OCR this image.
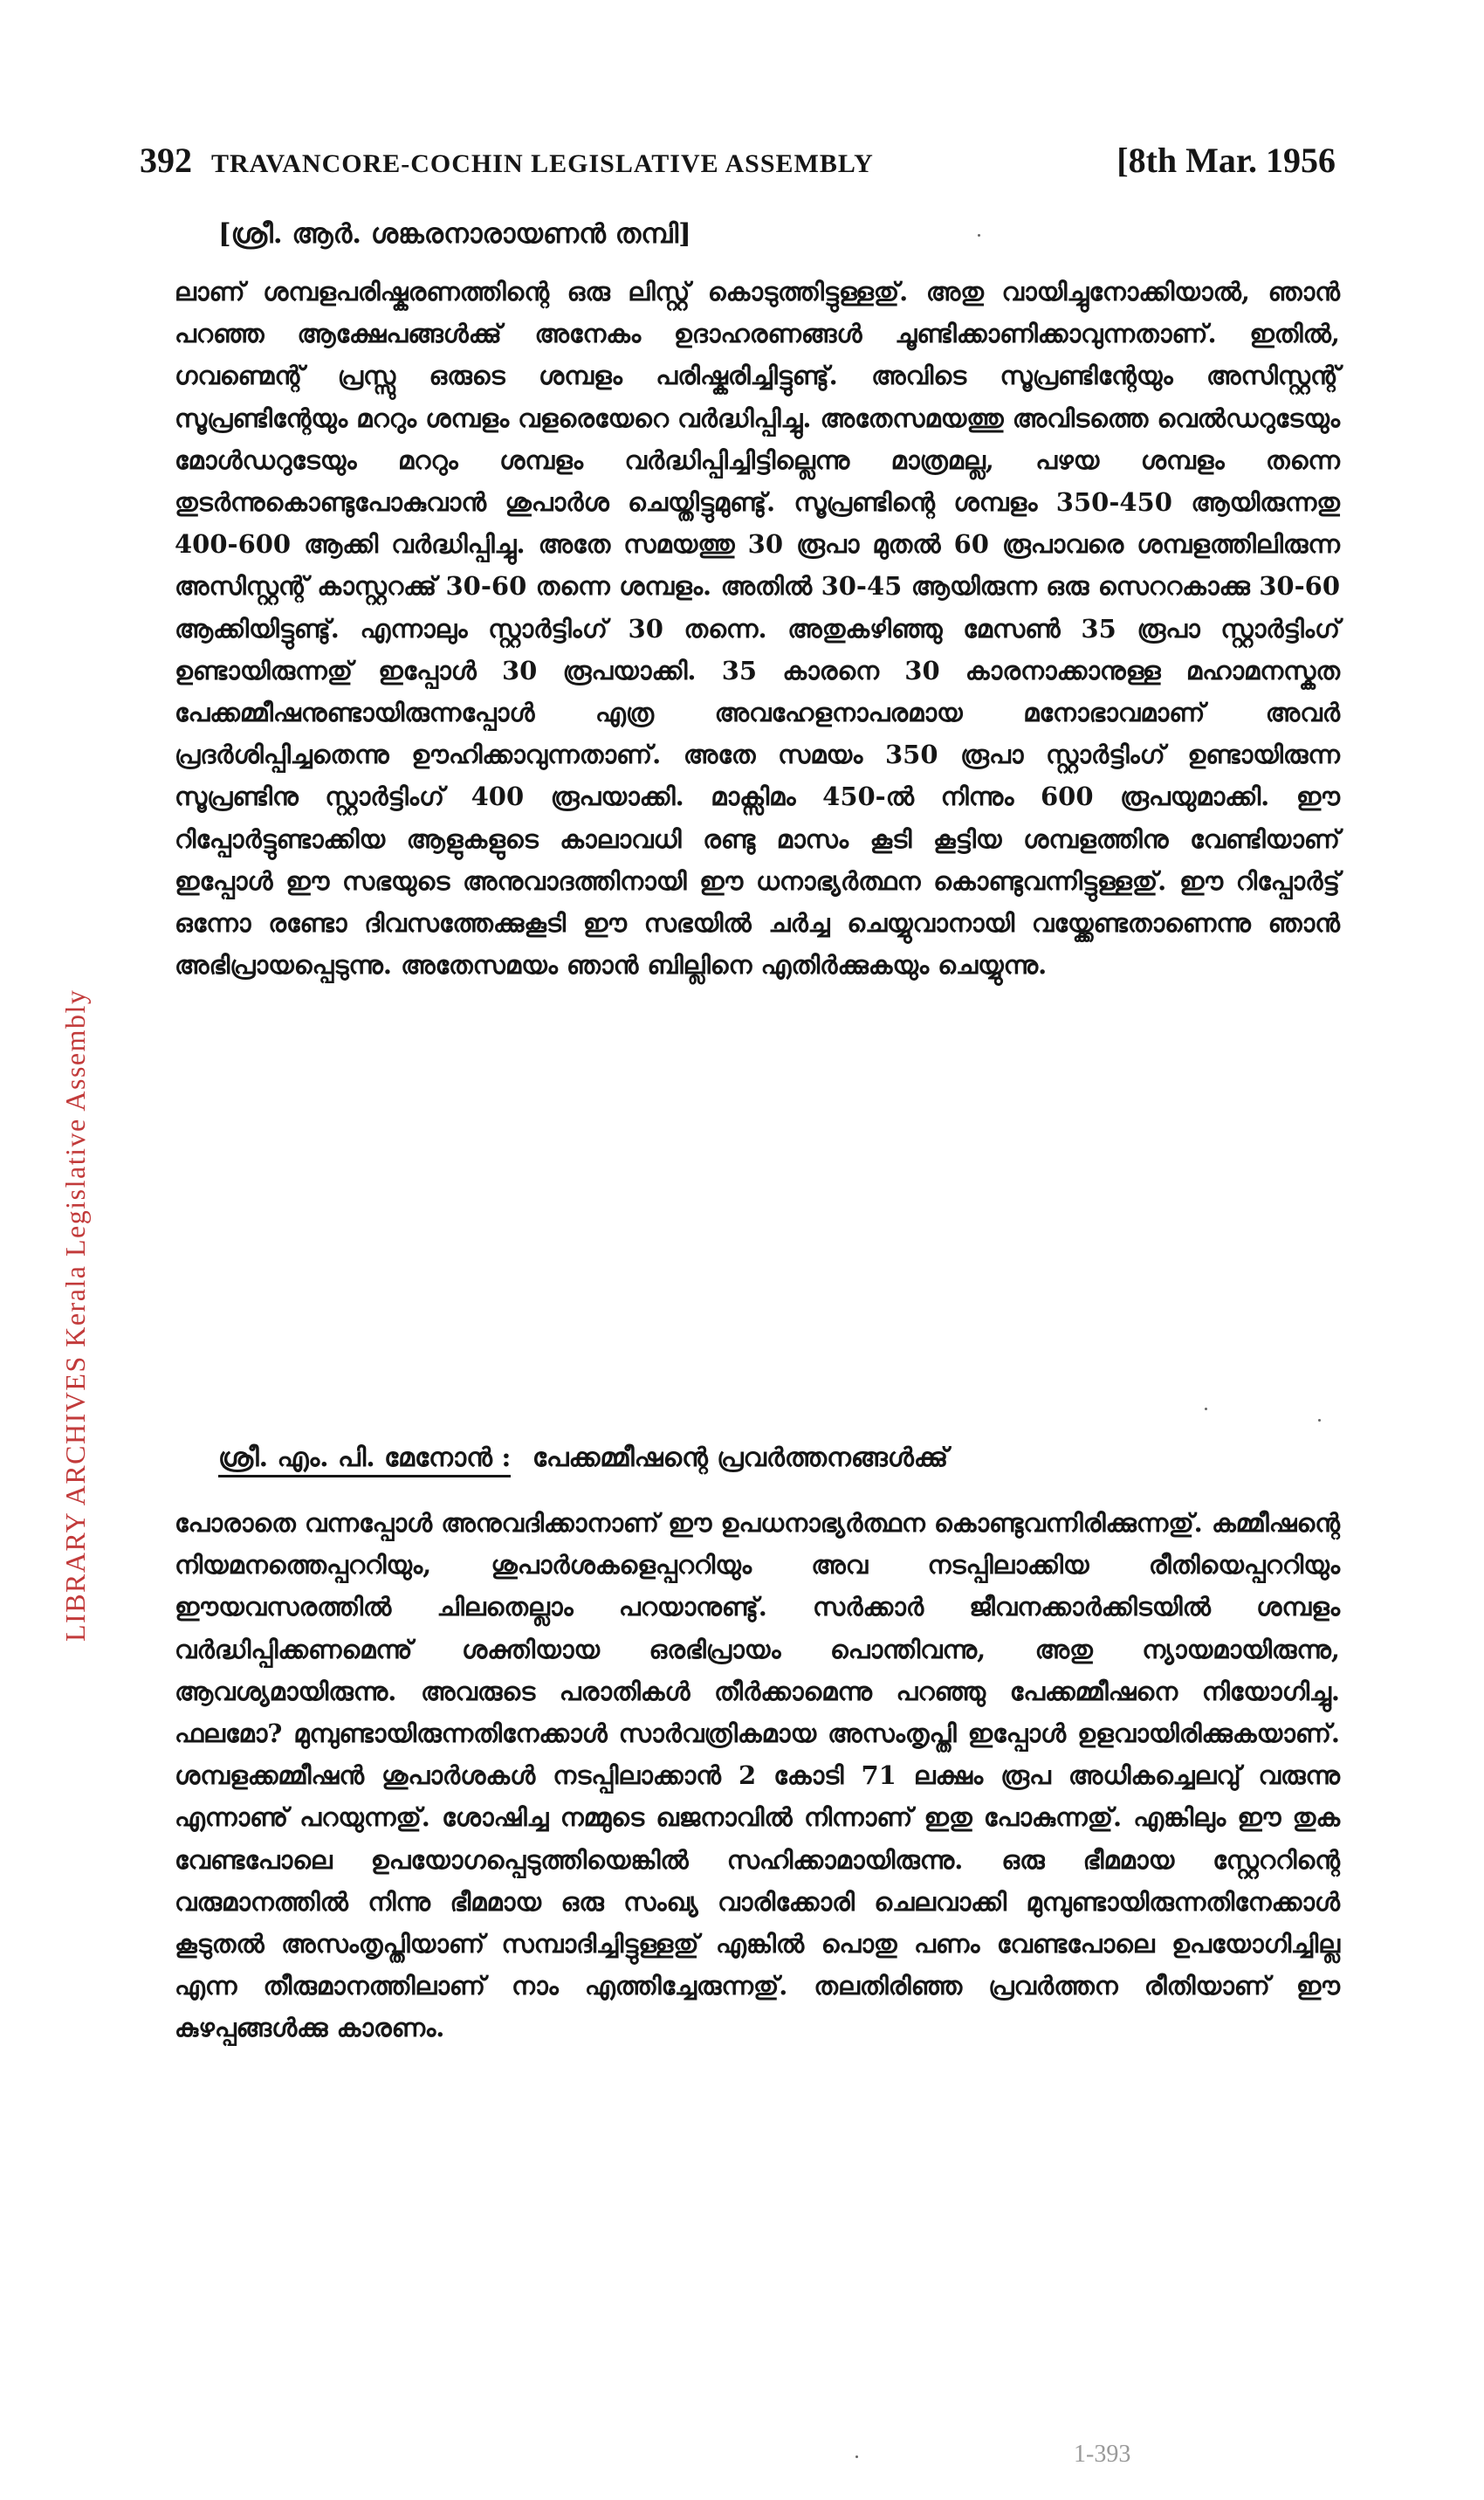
LIBRARY ARCHIVES Kerala Legislative Assembly
392 TRAVANCORE-COCHIN LEGISLATIVE ASSEMBLY	[8th Mar. 1956
[ശ്രീ. ആർ. ശങ്കരനാരായണൻ തമ്പി]
ലാണ് ശമ്പളപരിഷ്കരണത്തിന്റെ ഒരു ലിസ്റ്റ് കൊടുത്തിട്ടുള്ളതു്. അതു വായിച്ചുനോക്കിയാൽ, ഞാൻ പറഞ്ഞ ആക്ഷേപങ്ങൾക്കു് അനേകം ഉദാഹരണങ്ങൾ ചൂണ്ടിക്കാണിക്കാവുന്നതാണ്. ഇതിൽ, ഗവണ്മെന്റ് പ്രസ്സു ഒരുടെ ശമ്പളം പരിഷ്കരിച്ചിട്ടുണ്ടു്. അവിടെ സൂപ്രണ്ടിന്റേയും അസിസ്റ്റന്റ് സൂപ്രണ്ടിന്റേയും മററും ശമ്പളം വളരെയേറെ വർദ്ധിപ്പിച്ചു. അതേസമയത്തു അവിടത്തെ വെൽഡറുടേയും മോൾഡറുടേയും മററും ശമ്പളം വർദ്ധിപ്പിച്ചിട്ടില്ലെന്നു മാത്രമല്ല, പഴയ ശമ്പളം തന്നെ തുടർന്നുകൊണ്ടുപോകുവാൻ ശുപാർശ ചെയ്തിട്ടുമുണ്ടു്. സൂപ്രണ്ടിന്റെ ശമ്പളം 350-450 ആയിരുന്നതു 400-600 ആക്കി വർദ്ധിപ്പിച്ചു. അതേ സമയത്തു 30 രൂപാ മുതൽ 60 രൂപാവരെ ശമ്പളത്തിലിരുന്ന അസിസ്റ്റന്റ് കാസ്റ്ററക്കു് 30-60 തന്നെ ശമ്പളം. അതിൽ 30-45 ആയിരുന്ന ഒരു സെററകാക്കു 30-60 ആക്കിയിട്ടുണ്ടു്. എന്നാലും സ്റ്റാർട്ടിംഗ് 30 തന്നെ. അതുകഴിഞ്ഞു മേസൺ 35 രൂപാ സ്റ്റാർട്ടിംഗ് ഉണ്ടായിരുന്നതു് ഇപ്പോൾ 30 രൂപയാക്കി. 35 കാരനെ 30 കാരനാക്കാനുള്ള മഹാമനസ്കത പേക്കമ്മീഷനുണ്ടായിരുന്നപ്പോൾ എത്ര അവഹേളനാപരമായ മനോഭാവമാണ് അവർ പ്രദർശിപ്പിച്ചതെന്നു ഊഹിക്കാവുന്നതാണ്. അതേ സമയം 350 രൂപാ സ്റ്റാർട്ടിംഗ് ഉണ്ടായിരുന്ന സൂപ്രണ്ടിനു സ്റ്റാർട്ടിംഗ് 400 രൂപയാക്കി. മാക്സിമം 450-ൽ നിന്നും 600 രൂപയുമാക്കി. ഈ റിപ്പോർട്ടുണ്ടാക്കിയ ആളുകളുടെ കാലാവധി രണ്ടു മാസം കൂടി കൂട്ടിയ ശമ്പളത്തിനു വേണ്ടിയാണ് ഇപ്പോൾ ഈ സഭയുടെ അനുവാദത്തിനായി ഈ ധനാഭ്യർത്ഥന കൊണ്ടുവന്നിട്ടുള്ളതു്. ഈ റിപ്പോർട്ട് ഒന്നോ രണ്ടോ ദിവസത്തേക്കുകൂടി ഈ സഭയിൽ ചർച്ച ചെയ്യുവാനായി വയ്ക്കേണ്ടതാണെന്നു ഞാൻ അഭിപ്രായപ്പെടുന്നു. അതേസമയം ഞാൻ ബില്ലിനെ എതിർക്കുകയും ചെയ്യുന്നു.
ശ്രീ. എം. പി. മേനോൻ : പേക്കമ്മീഷന്റെ പ്രവർത്തനങ്ങൾക്കു്
പോരാതെ വന്നപ്പോൾ അനുവദിക്കാനാണ് ഈ ഉപധനാഭ്യർത്ഥന കൊണ്ടുവന്നിരിക്കുന്നതു്. കമ്മീഷന്റെ നിയമനത്തെപ്പററിയും, ശുപാർശകളെപ്പററിയും അവ നടപ്പിലാക്കിയ രീതിയെപ്പററിയും ഈയവസരത്തിൽ ചിലതെല്ലാം പറയാനുണ്ടു്. സർക്കാർ ജീവനക്കാർക്കിടയിൽ ശമ്പളം വർദ്ധിപ്പിക്കണമെന്നു് ശക്തിയായ ഒരഭിപ്രായം പൊന്തിവന്നു, അതു ന്യായമായിരുന്നു, ആവശ്യമായിരുന്നു. അവരുടെ പരാതികൾ തീർക്കാമെന്നു പറഞ്ഞു പേക്കമ്മീഷനെ നിയോഗിച്ചു. ഫലമോ? മുമ്പുണ്ടായിരുന്നതിനേക്കാൾ സാർവത്രികമായ അസംതൃപ്തി ഇപ്പോൾ ഉളവായിരിക്കുകയാണ്. ശമ്പളക്കമ്മീഷൻ ശുപാർശകൾ നടപ്പിലാക്കാൻ 2 കോടി 71 ലക്ഷം രൂപ അധികച്ചെലവു് വരുന്നു എന്നാണു് പറയുന്നതു്. ശോഷിച്ച നമ്മുടെ ഖജനാവിൽ നിന്നാണ് ഇതു പോകുന്നതു്. എങ്കിലും ഈ തുക വേണ്ടപോലെ ഉപയോഗപ്പെടുത്തിയെങ്കിൽ സഹിക്കാമായിരുന്നു. ഒരു ഭീമമായ സ്റ്റേററിന്റെ വരുമാനത്തിൽ നിന്നു ഭീമമായ ഒരു സംഖ്യ വാരിക്കോരി ചെലവാക്കി മുമ്പുണ്ടായിരുന്നതിനേക്കാൾ കൂടുതൽ അസംതൃപ്തിയാണ് സമ്പാദിച്ചിട്ടുള്ളതു് എങ്കിൽ പൊതു പണം വേണ്ടപോലെ ഉപയോഗിച്ചില്ല എന്ന തീരുമാനത്തിലാണ് നാം എത്തിച്ചേരുന്നതു്. തലതിരിഞ്ഞ പ്രവർത്തന രീതിയാണ് ഈ കുഴപ്പങ്ങൾക്കു കാരണം.
1-393
